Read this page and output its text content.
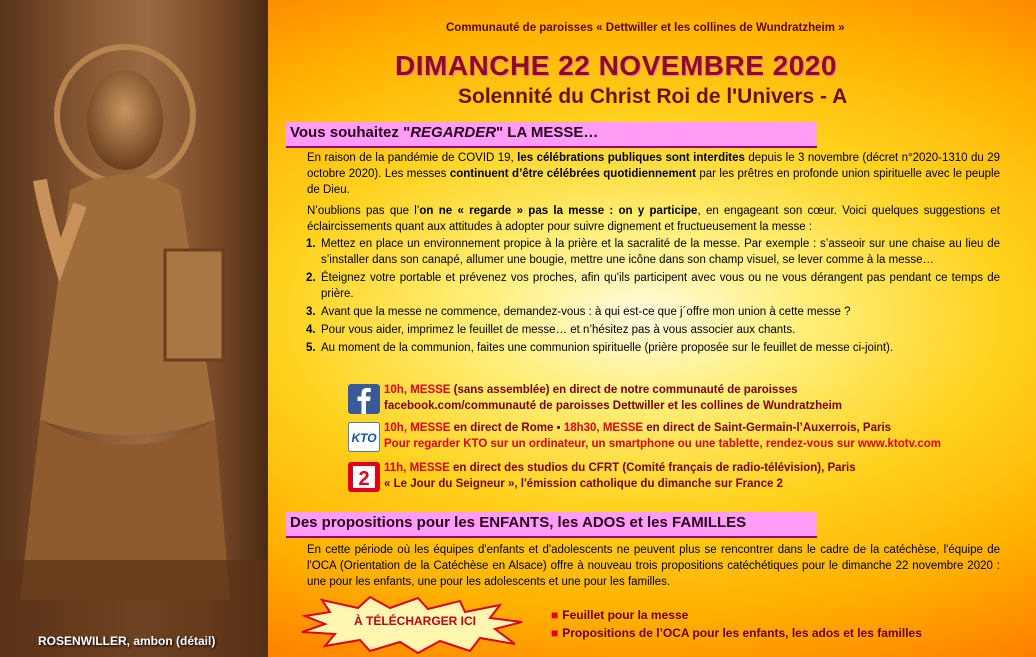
ROSENWILLER, ambon (détail)
Communauté de paroisses « Dettwiller et les collines de Wundratzheim »
DIMANCHE 22 NOVEMBRE 2020
Solennité du Christ Roi de l'Univers - A
Vous souhaitez "REGARDER" LA MESSE…
En raison de la pandémie de COVID 19, les célébrations publiques sont interdites depuis le 3 novembre (décret n°2020-1310 du 29 octobre 2020). Les messes continuent d’être célébrées quotidiennement par les prêtres en profonde union spirituelle avec le peuple de Dieu.
N’oublions pas que l’on ne « regarde » pas la messe : on y participe, en engageant son cœur. Voici quelques suggestions et éclaircissements quant aux attitudes à adopter pour suivre dignement et fructueusement la messe :
1. Mettez en place un environnement propice à la prière et la sacralité de la messe. Par exemple : s’asseoir sur une chaise au lieu de s’installer dans son canapé, allumer une bougie, mettre une icône dans son champ visuel, se lever comme à la messe…
2. Éteignez votre portable et prévenez vos proches, afin qu'ils participent avec vous ou ne vous dérangent pas pendant ce temps de prière.
3. Avant que la messe ne commence, demandez-vous : à qui est-ce que j´offre mon union à cette messe ?
4. Pour vous aider, imprimez le feuillet de messe… et n’hésitez pas à vous associer aux chants.
5. Au moment de la communion, faites une communion spirituelle (prière proposée sur le feuillet de messe ci-joint).
10h, MESSE (sans assemblée) en direct de notre communauté de paroisses
facebook.com/communauté de paroisses Dettwiller et les collines de Wundratzheim
KTO
10h, MESSE en direct de Rome ▪ 18h30, MESSE en direct de Saint-Germain-l’Auxerrois, Paris
Pour regarder KTO sur un ordinateur, un smartphone ou une tablette, rendez-vous sur www.ktotv.com
2 11h, MESSE en direct des studios du CFRT (Comité français de radio-télévision), Paris
« Le Jour du Seigneur », l'émission catholique du dimanche sur France 2
Des propositions pour les ENFANTS, les ADOS et les FAMILLES
En cette période où les équipes d'enfants et d'adolescents ne peuvent plus se rencontrer dans le cadre de la catéchèse, l'équipe de l'OCA (Orientation de la Catéchèse en Alsace) offre à nouveau trois propositions catéchétiques pour le dimanche 22 novembre 2020 : une pour les enfants, une pour les adolescents et une pour les familles.
À TÉLÉCHARGER ICI	■ Feuillet pour la messe
■ Propositions de l’OCA pour les enfants, les ados et les familles
